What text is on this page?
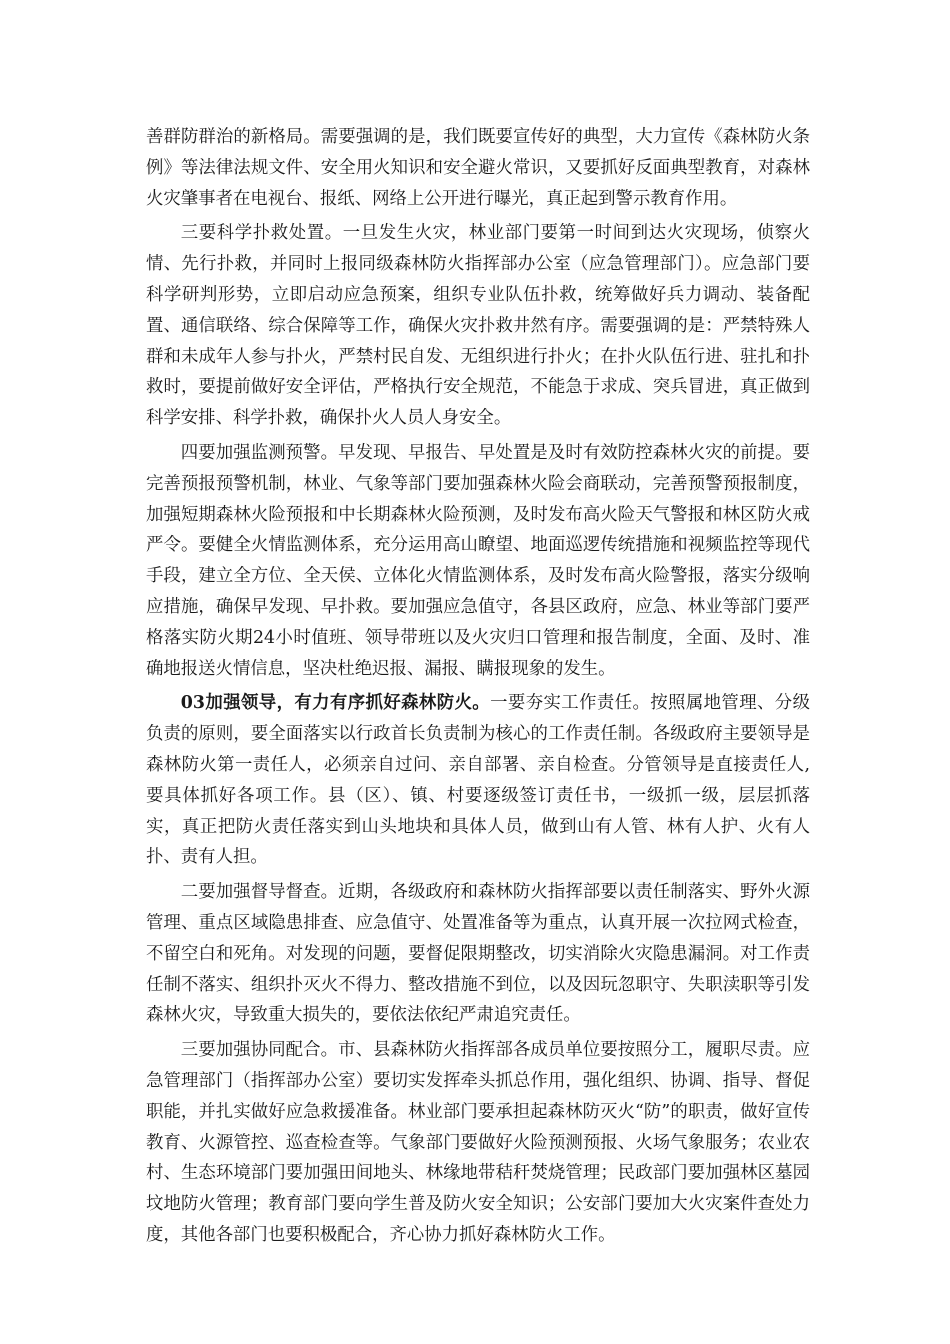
善群防群治的新格局。需要强调的是，我们既要宣传好的典型，大力宣传《森林防火条例》等法律法规文件、安全用火知识和安全避火常识，又要抓好反面典型教育，对森林火灾肇事者在电视台、报纸、网络上公开进行曝光，真正起到警示教育作用。

三要科学扑救处置。一旦发生火灾，林业部门要第一时间到达火灾现场，侦察火情、先行扑救，并同时上报同级森林防火指挥部办公室（应急管理部门）。应急部门要科学研判形势，立即启动应急预案，组织专业队伍扑救，统筹做好兵力调动、装备配置、通信联络、综合保障等工作，确保火灾扑救井然有序。需要强调的是：严禁特殊人群和未成年人参与扑火，严禁村民自发、无组织进行扑火；在扑火队伍行进、驻扎和扑救时，要提前做好安全评估，严格执行安全规范，不能急于求成、突兵冒进，真正做到科学安排、科学扑救，确保扑火人员人身安全。

四要加强监测预警。早发现、早报告、早处置是及时有效防控森林火灾的前提。要完善预报预警机制，林业、气象等部门要加强森林火险会商联动，完善预警预报制度，加强短期森林火险预报和中长期森林火险预测，及时发布高火险天气警报和林区防火戒严令。要健全火情监测体系，充分运用高山瞭望、地面巡逻传统措施和视频监控等现代手段，建立全方位、全天侯、立体化火情监测体系，及时发布高火险警报，落实分级响应措施，确保早发现、早扑救。要加强应急值守，各县区政府，应急、林业等部门要严格落实防火期24小时值班、领导带班以及火灾归口管理和报告制度，全面、及时、准确地报送火情信息，坚决杜绝迟报、漏报、瞒报现象的发生。

03加强领导，有力有序抓好森林防火。一要夯实工作责任。按照属地管理、分级负责的原则，要全面落实以行政首长负责制为核心的工作责任制。各级政府主要领导是森林防火第一责任人，必须亲自过问、亲自部署、亲自检查。分管领导是直接责任人,要具体抓好各项工作。县（区）、镇、村要逐级签订责任书，一级抓一级，层层抓落实，真正把防火责任落实到山头地块和具体人员，做到山有人管、林有人护、火有人扑、责有人担。

二要加强督导督查。近期，各级政府和森林防火指挥部要以责任制落实、野外火源管理、重点区域隐患排查、应急值守、处置准备等为重点，认真开展一次拉网式检查，不留空白和死角。对发现的问题，要督促限期整改，切实消除火灾隐患漏洞。对工作责任制不落实、组织扑灭火不得力、整改措施不到位，以及因玩忽职守、失职渎职等引发森林火灾，导致重大损失的，要依法依纪严肃追究责任。

三要加强协同配合。市、县森林防火指挥部各成员单位要按照分工，履职尽责。应急管理部门（指挥部办公室）要切实发挥牵头抓总作用，强化组织、协调、指导、督促职能，并扎实做好应急救援准备。林业部门要承担起森林防灭火“防”的职责，做好宣传教育、火源管控、巡查检查等。气象部门要做好火险预测预报、火场气象服务；农业农村、生态环境部门要加强田间地头、林缘地带秸秆焚烧管理；民政部门要加强林区墓园坟地防火管理；教育部门要向学生普及防火安全知识；公安部门要加大火灾案件查处力度，其他各部门也要积极配合，齐心协力抓好森林防火工作。
